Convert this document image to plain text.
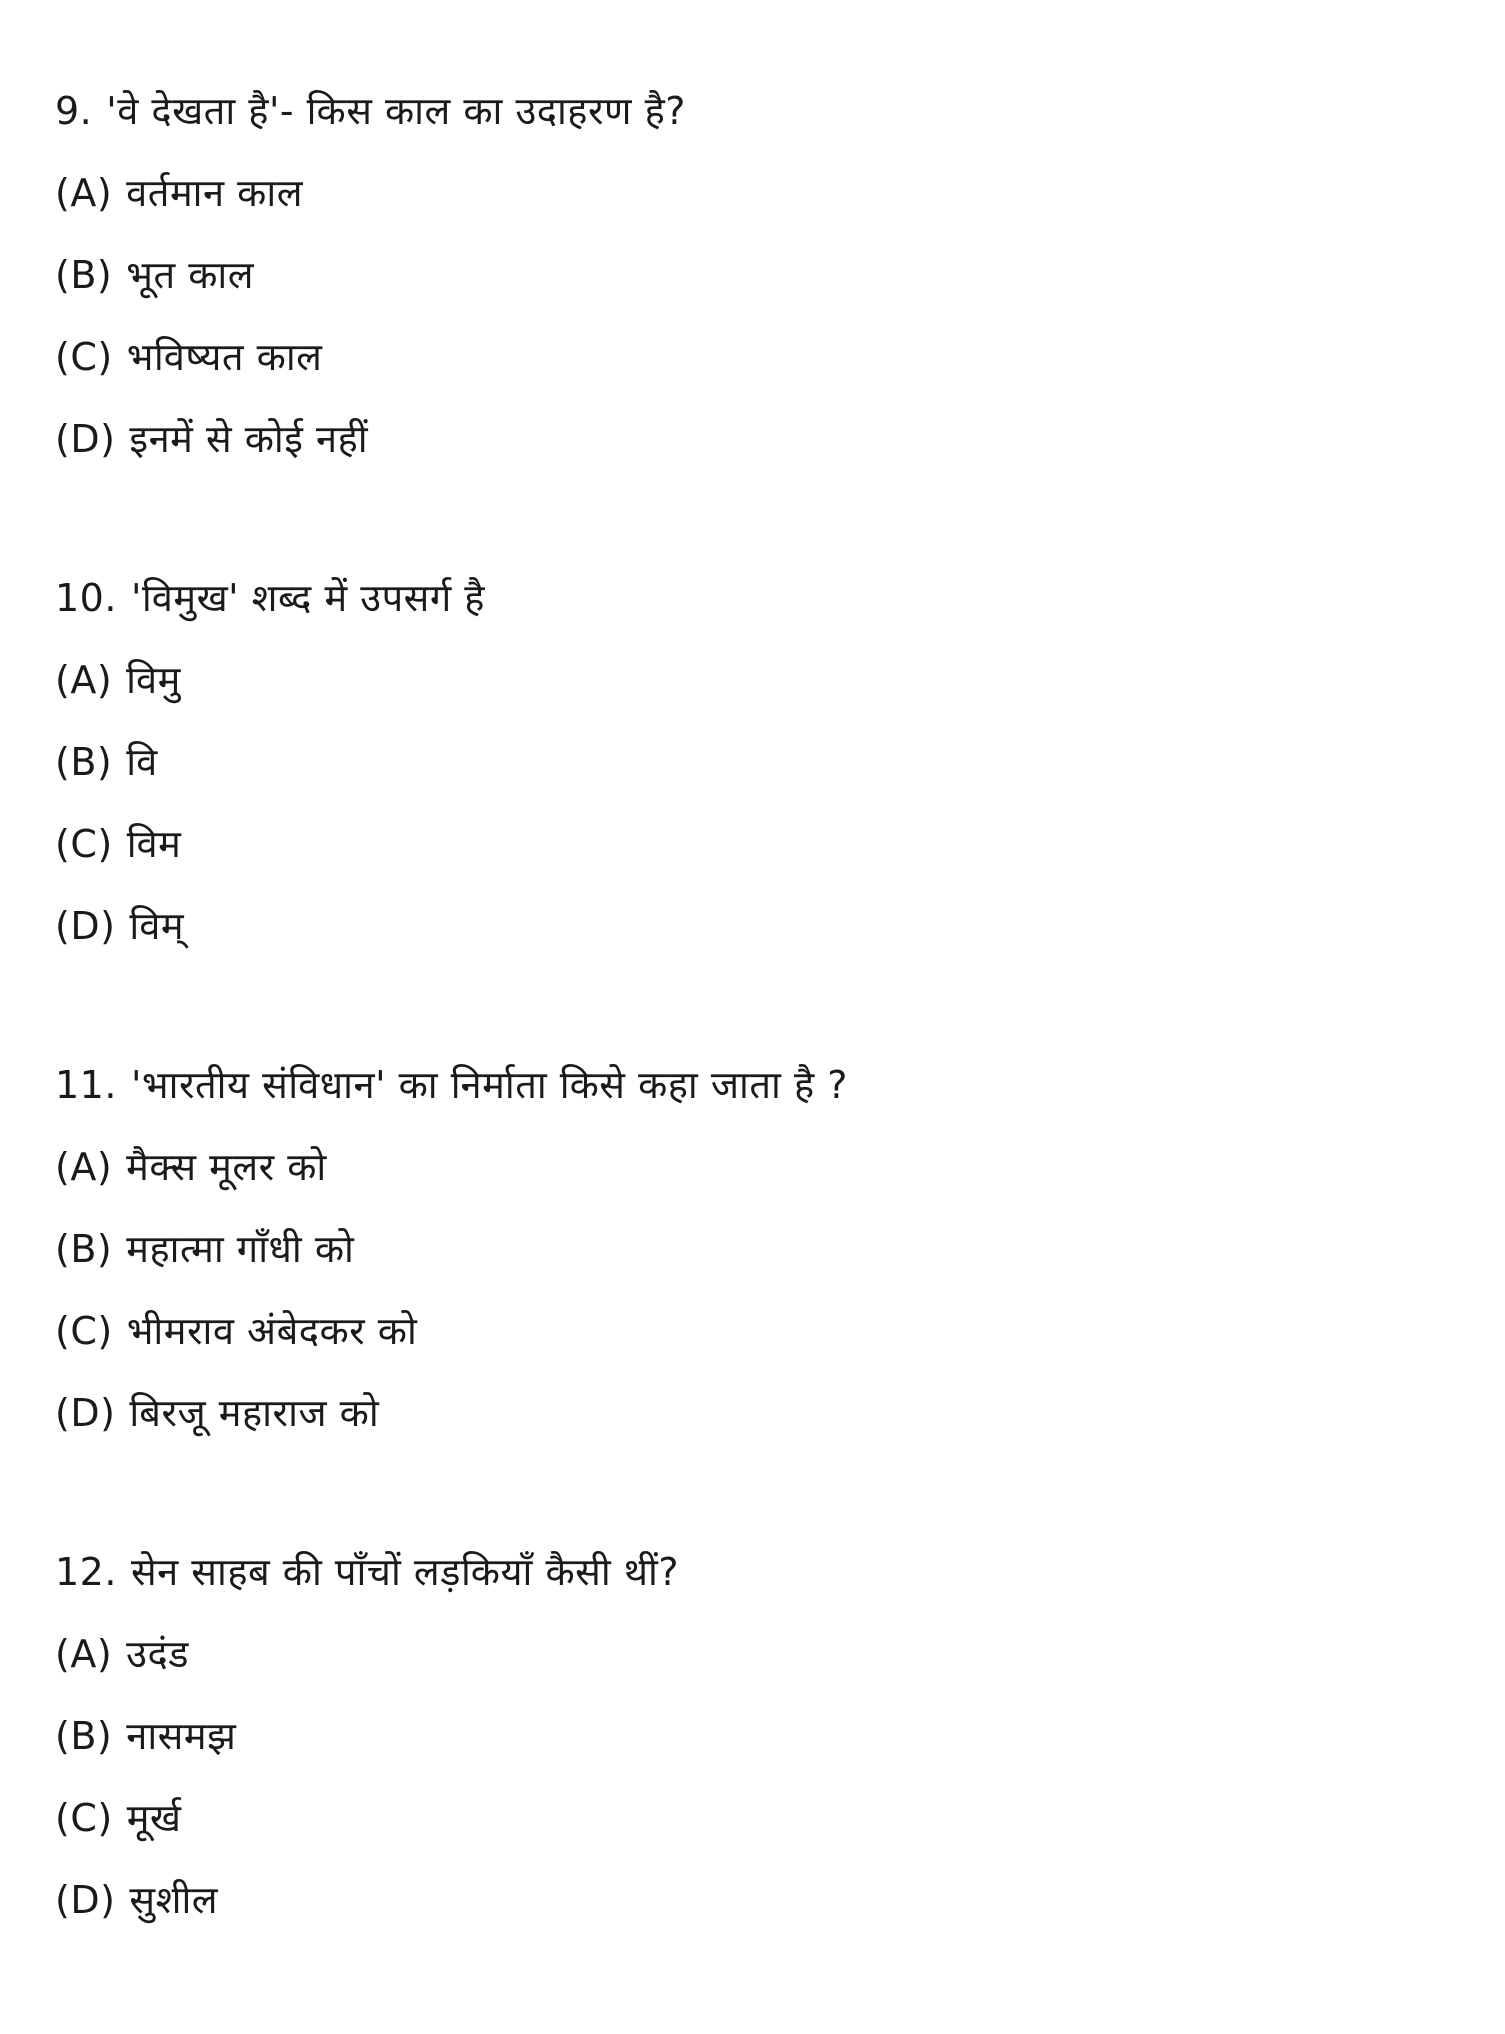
9. 'वे देखता है'- किस काल का उदाहरण है?
(A) वर्तमान काल
(B) भूत काल
(C) भविष्यत काल
(D) इनमें से कोई नहीं
10. 'विमुख' शब्द में उपसर्ग है
(A) विमु
(B) वि
(C) विम
(D) विम्
11. 'भारतीय संविधान' का निर्माता किसे कहा जाता है ?
(A) मैक्स मूलर को
(B) महात्मा गाँधी को
(C) भीमराव अंबेदकर को
(D) बिरजू महाराज को
12. सेन साहब की पाँचों लड़कियाँ कैसी थीं?
(A) उदंड
(B) नासमझ
(C) मूर्ख
(D) सुशील
